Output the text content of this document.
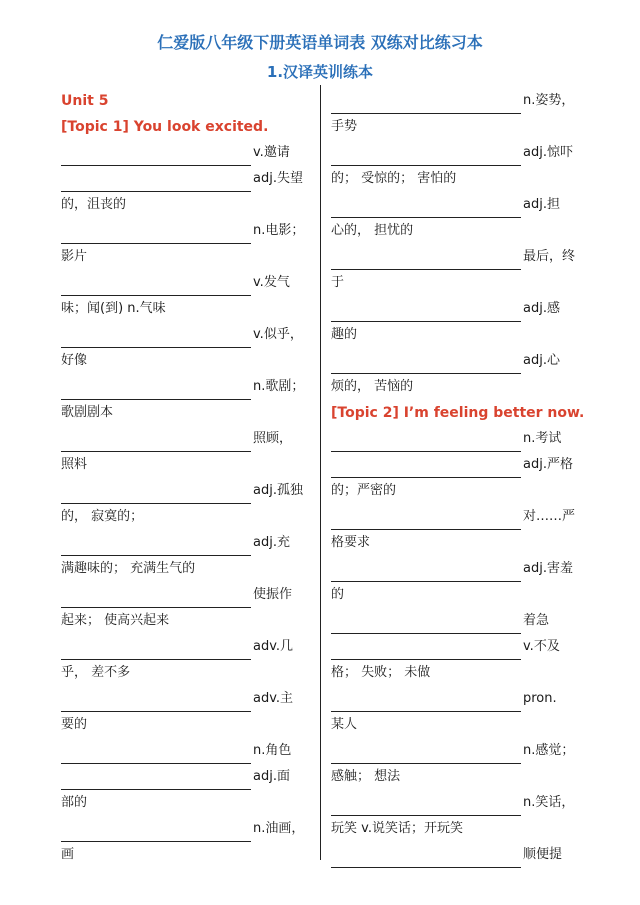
仁爱版八年级下册英语单词表 双练对比练习本
1.汉译英训练本
Unit 5
[Topic 1] You look excited.
v.邀请
adj.失望
的，沮丧的
n.电影；
影片
v.发气
味；闻(到) n.气味
v.似乎，
好像
n.歌剧；
歌剧剧本
照顾，
照料
adj.孤独
的， 寂寞的；
adj.充
满趣味的； 充满生气的
使振作
起来； 使高兴起来
adv.几
乎， 差不多
adv.主
要的
n.角色
adj.面
部的
n.油画，
画
n.姿势，
手势
adj.惊吓
的； 受惊的； 害怕的
adj.担
心的， 担忧的
最后，终
于
adj.感
趣的
adj.心
烦的， 苦恼的
[Topic 2] I’m feeling better now.
n.考试
adj.严格
的；严密的
对……严
格要求
adj.害羞
的
着急
v.不及
格； 失败； 未做
pron.
某人
n.感觉；
感触； 想法
n.笑话，
玩笑 v.说笑话；开玩笑
顺便提
